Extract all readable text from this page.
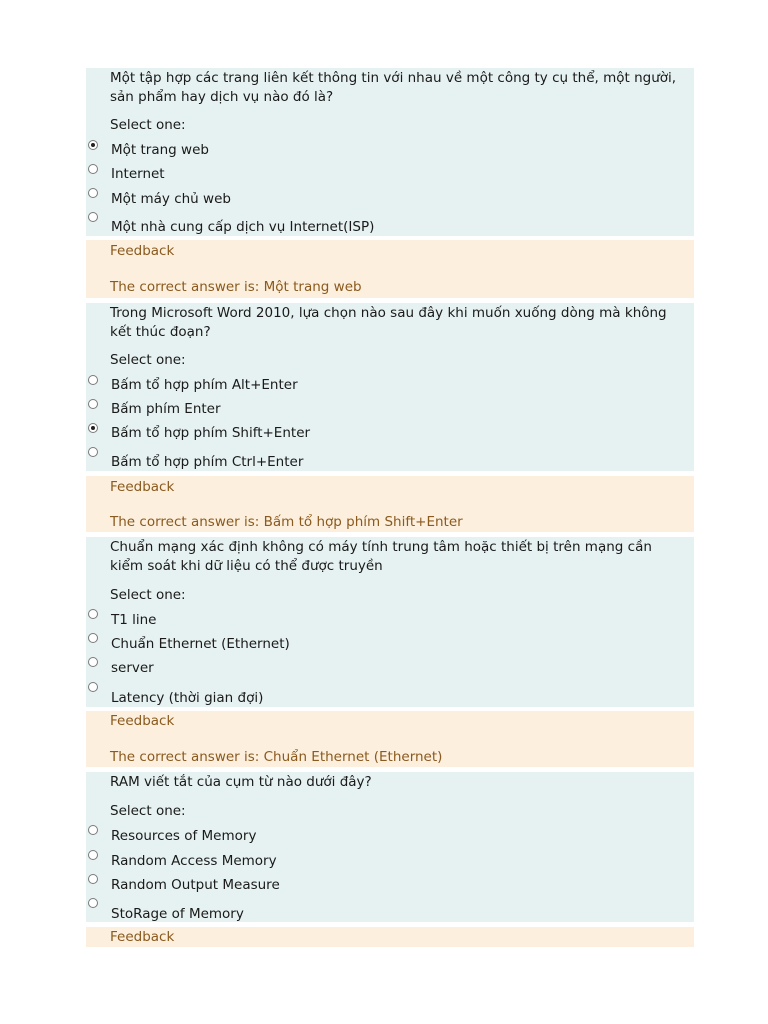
Một tập hợp các trang liên kết thông tin với nhau về một công ty cụ thể, một người, sản phẩm hay dịch vụ nào đó là?
Select one:
Một trang web
Internet
Một máy chủ web
Một nhà cung cấp dịch vụ Internet(ISP)
Feedback
The correct answer is: Một trang web
Trong Microsoft Word 2010, lựa chọn nào sau đây khi muốn xuống dòng mà không kết thúc đoạn?
Select one:
Bấm tổ hợp phím Alt+Enter
Bấm phím Enter
Bấm tổ hợp phím Shift+Enter
Bấm tổ hợp phím Ctrl+Enter
Feedback
The correct answer is: Bấm tổ hợp phím Shift+Enter
Chuẩn mạng xác định không có máy tính trung tâm hoặc thiết bị trên mạng cần kiểm soát khi dữ liệu có thể được truyền
Select one:
T1 line
Chuẩn Ethernet (Ethernet)
server
Latency (thời gian đợi)
Feedback
The correct answer is: Chuẩn Ethernet (Ethernet)
RAM viết tắt của cụm từ nào dưới đây?
Select one:
Resources of Memory
Random Access Memory
Random Output Measure
StoRage of Memory
Feedback
